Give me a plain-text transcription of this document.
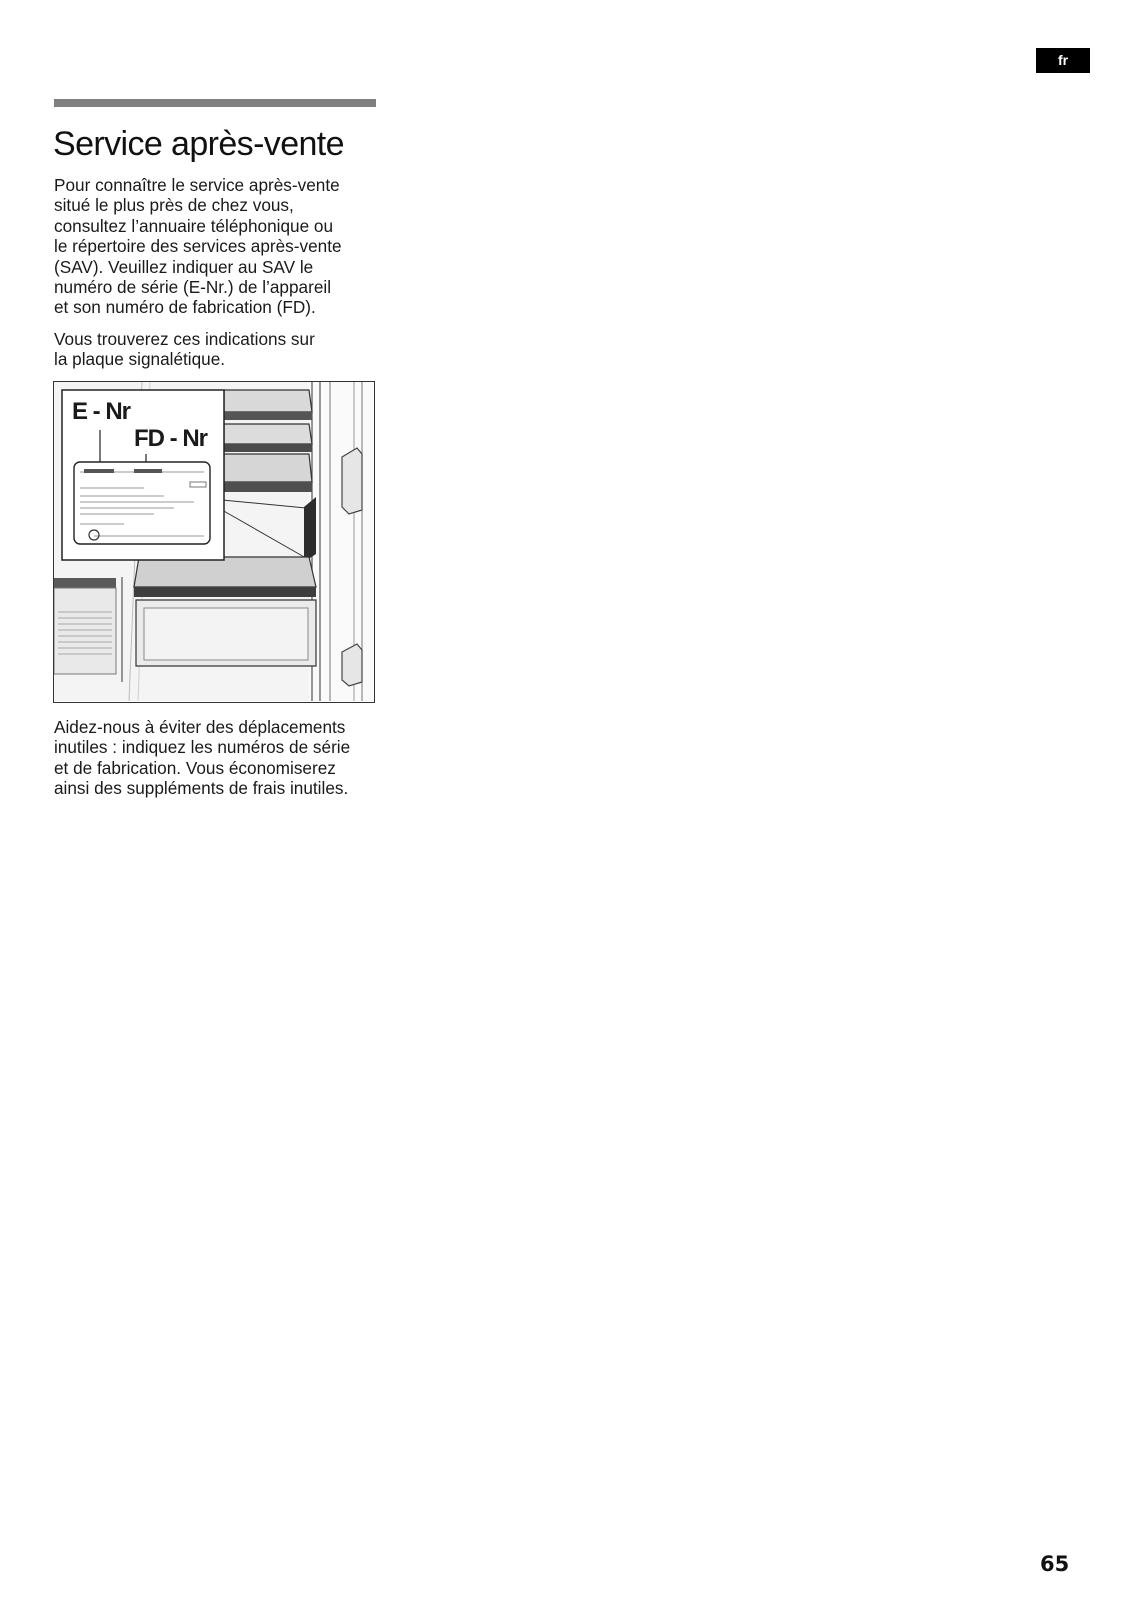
fr
Service après-vente

Pour connaître le service après-vente
situé le plus près de chez vous,
consultez l’annuaire téléphonique ou
le répertoire des services après-vente
(SAV). Veuillez indiquer au SAV le
numéro de série (E-Nr.) de l’appareil
et son numéro de fabrication (FD).

Vous trouverez ces indications sur
la plaque signalétique.

E - Nr
FD - Nr

Aidez-nous à éviter des déplacements
inutiles : indiquez les numéros de série
et de fabrication. Vous économiserez
ainsi des suppléments de frais inutiles.

65
